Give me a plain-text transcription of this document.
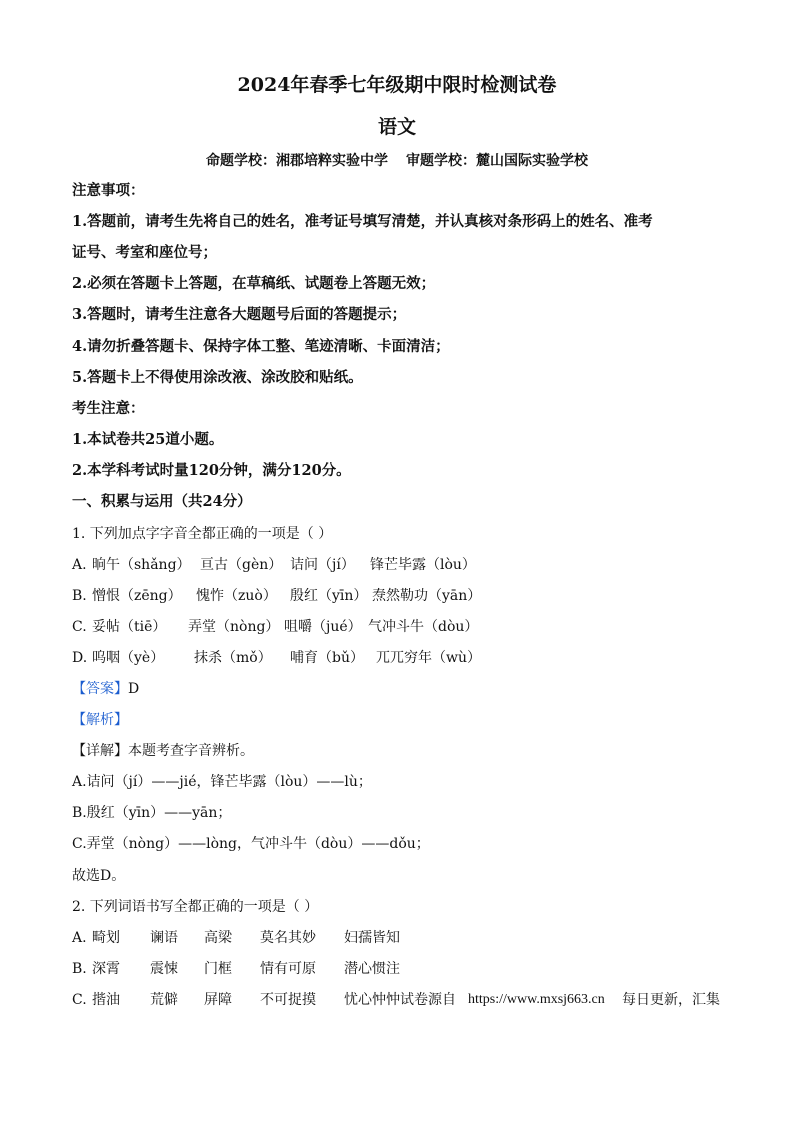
2024年春季七年级期中限时检测试卷
语文
命题学校：湘郡培粹实验中学 审题学校：麓山国际实验学校
注意事项：
1.答题前，请考生先将自己的姓名，准考证号填写清楚，并认真核对条形码上的姓名、准考
证号、考室和座位号；
2.必须在答题卡上答题，在草稿纸、试题卷上答题无效；
3.答题时，请考生注意各大题题号后面的答题提示；
4.请勿折叠答题卡、保持字体工整、笔迹清晰、卡面清洁；
5.答题卡上不得使用涂改液、涂改胶和贴纸。
考生注意：
1.本试卷共25道小题。
2.本学科考试时量120分钟，满分120分。
一、积累与运用（共24分）
1. 下列加点字字音全都正确的一项是（ ）
A. 晌午（shǎng） 亘古（gèn） 诘问（jí） 锋芒毕露（lòu）
B. 憎恨（zēng） 愧怍（zuò） 殷红（yīn） 焘然勒功（yān）
C. 妥帖（tiē） 弄堂（nòng） 咀嚼（jué） 气冲斗牛（dòu）
D. 呜咽（yè） 抹杀（mǒ） 哺育（bǔ） 兀兀穷年（wù）
【答案】D
【解析】
【详解】本题考查字音辨析。
A.诘问（jí）——jié，锋芒毕露（lòu）——lù；
B.殷红（yīn）——yān；
C.弄堂（nòng）——lòng，气冲斗牛（dòu）——dǒu；
故选D。
2. 下列词语书写全都正确的一项是（ ）
A. 畸划 谰语 高梁 莫名其妙 妇孺皆知
B. 深霄 震悚 门框 情有可原 潜心惯注
C. 揩油 荒僻 屏障 不可捉摸 忧心忡忡 试卷源自 https://www.mxsj663.cn 每日更新，汇集
